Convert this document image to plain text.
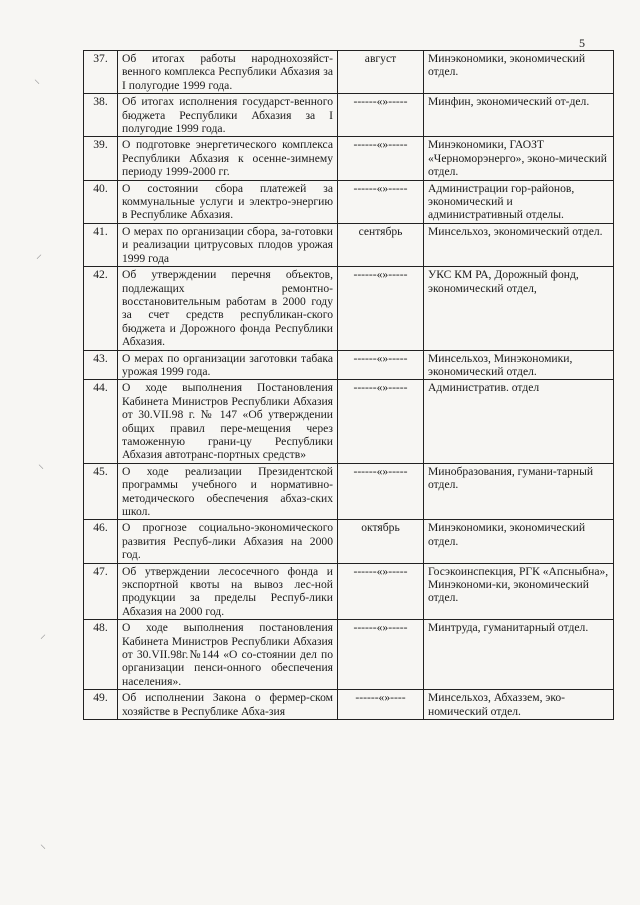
5
37.	Об итогах работы народнохозяйст-венного комплекса Республики Абхазия за I полугодие 1999 года.	август	Минэкономики, экономический отдел.
38.	Об итогах исполнения государст-венного бюджета Республики Абхазия за I полугодие 1999 года.	------«»-----	Минфин, экономический от-дел.
39.	О подготовке энергетического комплекса Республики Абхазия к осенне-зимнему периоду 1999-2000 гг.	------«»-----	Минэкономики, ГАОЗТ «Черноморэнерго», эконо-мический отдел.
40.	О состоянии сбора платежей за коммунальные услуги и электро-энергию в Республике Абхазия.	------«»-----	Администрации гор-районов, экономический и административный отделы.
41.	О мерах по организации сбора, за-готовки и реализации цитрусовых плодов урожая 1999 года	сентябрь	Минсельхоз, экономический отдел.
42.	Об утверждении перечня объектов, подлежащих ремонтно-восстановительным работам в 2000 году за счет средств республикан-ского бюджета и Дорожного фонда Республики Абхазия.	------«»-----	УКС КМ РА, Дорожный фонд, экономический отдел,
43.	О мерах по организации заготовки табака урожая 1999 года.	------«»-----	Минсельхоз, Минэкономики, экономический отдел.
44.	О ходе выполнения Постановления Кабинета Министров Республики Абхазия от 30.VII.98 г. № 147 «Об утверждении общих правил пере-мещения через таможенную грани-цу Республики Абхазия автотранс-портных средств»	------«»-----	Административ. отдел
45.	О ходе реализации Президентской программы учебного и нормативно-методического обеспечения абхаз-ских школ.	------«»-----	Минобразования, гумани-тарный отдел.
46.	О прогнозе социально-экономического развития Респуб-лики Абхазия на 2000 год.	октябрь	Минэкономики, экономический отдел.
47.	Об утверждении лесосечного фонда и экспортной квоты на вывоз лес-ной продукции за пределы Респуб-лики Абхазия на 2000 год.	------«»-----	Госэкоинспекция, РГК «Апсныбна», Минэкономи-ки, экономический отдел.
48.	О ходе выполнения постановления Кабинета Министров Республики Абхазия от 30.VII.98г.№144 «О со-стоянии дел по организации пенси-онного обеспечения населения».	------«»-----	Минтруда, гуманитарный отдел.
49.	Об исполнении Закона о фермер-ском хозяйстве в Республике Абха-зия	------«»----	Минсельхоз, Абхаззем, эко-номический отдел.
⸜
⸝
⸜
⸝
⸜
